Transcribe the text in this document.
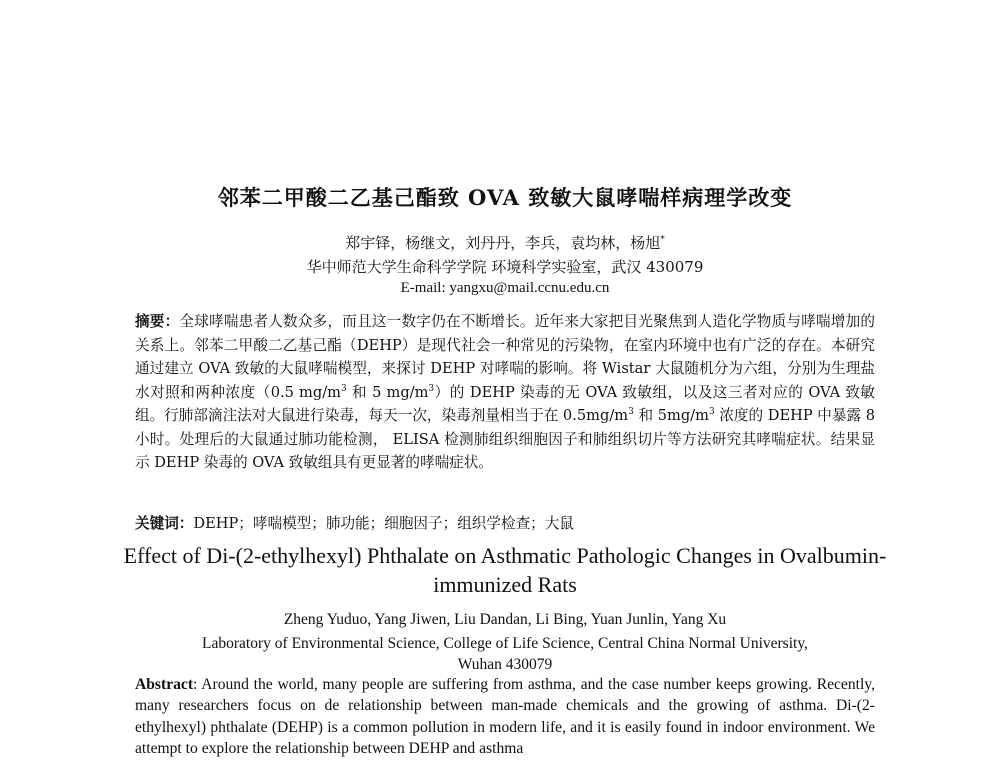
邻苯二甲酸二乙基己酯致 OVA 致敏大鼠哮喘样病理学改变
郑宇铎，杨继文，刘丹丹，李兵，袁均林，杨旭*
华中师范大学生命科学学院 环境科学实验室，武汉 430079
E-mail: yangxu@mail.ccnu.edu.cn
摘要：全球哮喘患者人数众多，而且这一数字仍在不断增长。近年来大家把目光聚焦到人造化学物质与哮喘增加的关系上。邻苯二甲酸二乙基己酯（DEHP）是现代社会一种常见的污染物，在室内环境中也有广泛的存在。本研究通过建立 OVA 致敏的大鼠哮喘模型，来探讨 DEHP 对哮喘的影响。将 Wistar 大鼠随机分为六组，分别为生理盐水对照和两种浓度（0.5 $mg/m^3$ 和 5 $mg/m^3$）的 DEHP 染毒的无 OVA 致敏组，以及这三者对应的 OVA 致敏组。行肺部滴注法对大鼠进行染毒，每天一次，染毒剂量相当于在 $0.5mg/m^3$ 和 $5mg/m^3$ 浓度的 DEHP 中暴露 8 小时。处理后的大鼠通过肺功能检测， ELISA 检测肺组织细胞因子和肺组织切片等方法研究其哮喘症状。结果显示 DEHP 染毒的 OVA 致敏组具有更显著的哮喘症状。
关键词：DEHP；哮喘模型；肺功能；细胞因子；组织学检查；大鼠
Effect of Di-(2-ethylhexyl) Phthalate on Asthmatic Pathologic Changes in Ovalbumin-immunized Rats
Zheng Yuduo, Yang Jiwen, Liu Dandan, Li Bing, Yuan Junlin, Yang Xu
Laboratory of Environmental Science, College of Life Science, Central China Normal University,
Wuhan 430079
Abstract: Around the world, many people are suffering from asthma, and the case number keeps growing. Recently, many researchers focus on de relationship between man-made chemicals and the growing of asthma. Di-(2-ethylhexyl) phthalate (DEHP) is a common pollution in modern life, and it is easily found in indoor environment. We attempt to explore the relationship between DEHP and asthma
